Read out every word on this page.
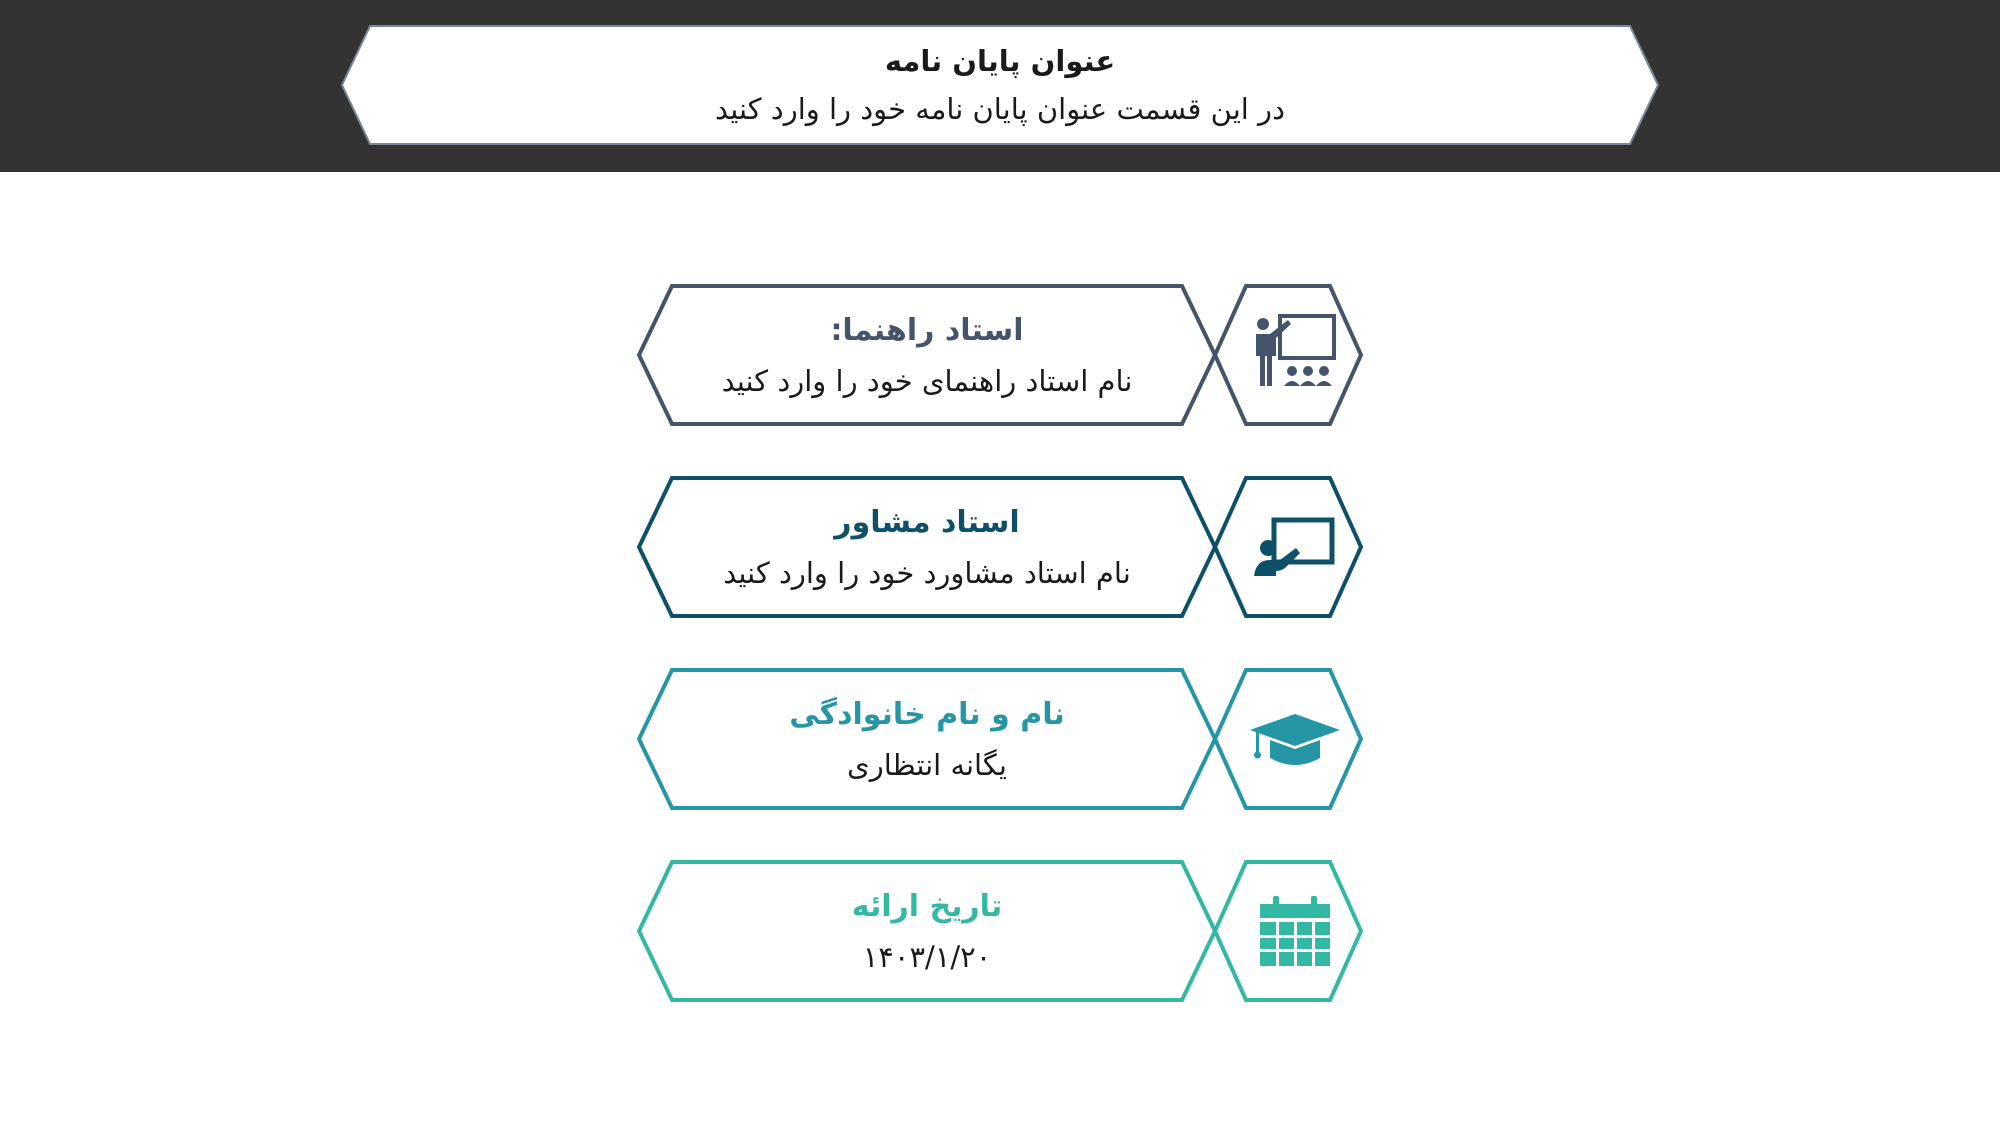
عنوان پایان نامه
در این قسمت عنوان پایان نامه خود را وارد کنید
استاد راهنما:
نام استاد راهنمای خود را وارد کنید
استاد مشاور
نام استاد مشاورد خود را وارد کنید
نام و نام خانوادگی
یگانه انتظاری
تاریخ ارائه
۱۴۰۳/۱/۲۰
